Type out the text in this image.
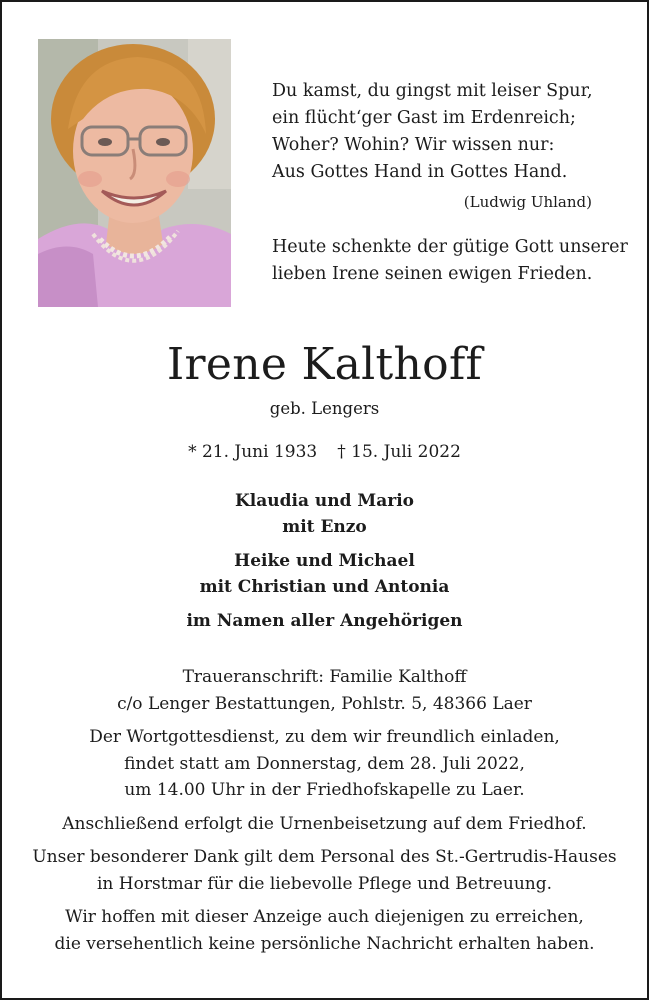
Du kamst, du gingst mit leiser Spur,
ein flücht‘ger Gast im Erdenreich;
Woher? Wohin? Wir wissen nur:
Aus Gottes Hand in Gottes Hand.
(Ludwig Uhland)
Heute schenkte der gütige Gott unserer
lieben Irene seinen ewigen Frieden.
Irene Kalthoff
geb. Lengers
* 21. Juni 1933 † 15. Juli 2022
Klaudia und Mario
mit Enzo
Heike und Michael
mit Christian und Antonia
im Namen aller Angehörigen
Traueranschrift: Familie Kalthoff
c/o Lenger Bestattungen, Pohlstr. 5, 48366 Laer
Der Wortgottesdienst, zu dem wir freundlich einladen,
findet statt am Donnerstag, dem 28. Juli 2022,
um 14.00 Uhr in der Friedhofskapelle zu Laer.
Anschließend erfolgt die Urnenbeisetzung auf dem Friedhof.
Unser besonderer Dank gilt dem Personal des St.-Gertrudis-Hauses
in Horstmar für die liebevolle Pflege und Betreuung.
Wir hoffen mit dieser Anzeige auch diejenigen zu erreichen,
die versehentlich keine persönliche Nachricht erhalten haben.
